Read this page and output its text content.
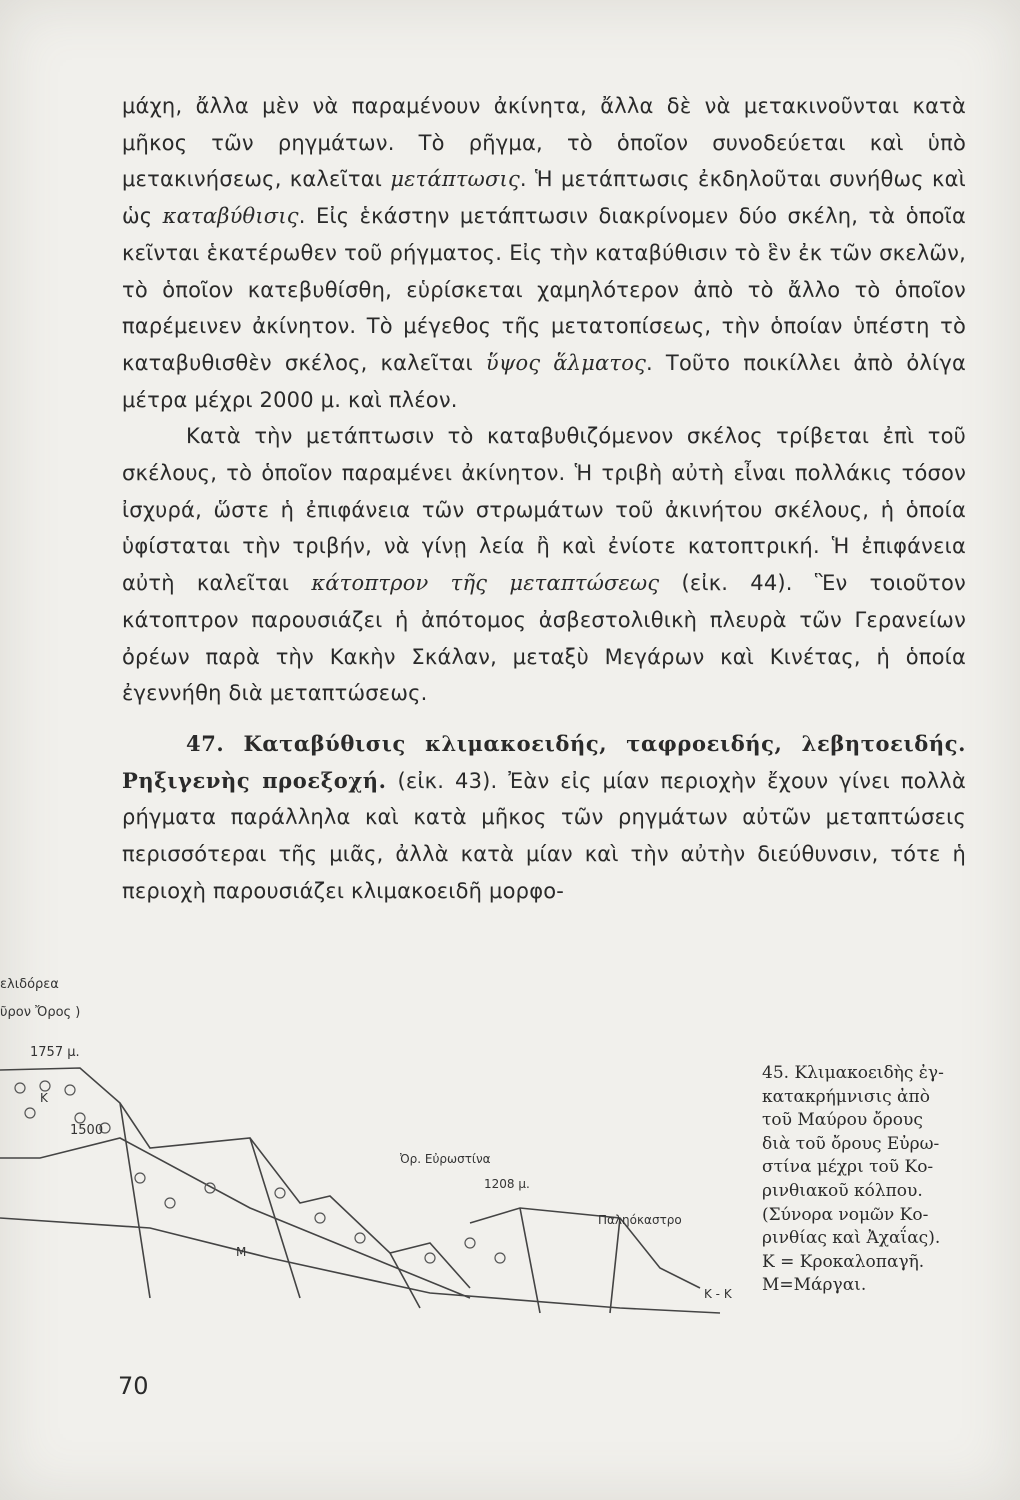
μάχη, ἄλλα μὲν νὰ παραμένουν ἀκίνητα, ἄλλα δὲ νὰ μετακινοῦνται κατὰ μῆκος τῶν ρηγμάτων. Τὸ ρῆγμα, τὸ ὁποῖον συνοδεύεται καὶ ὑπὸ μετακινήσεως, καλεῖται μετάπτωσις. Ἡ μετάπτωσις ἐκδηλοῦται συνήθως καὶ ὡς καταβύθισις. Εἰς ἑκάστην μετάπτωσιν διακρίνομεν δύο σκέλη, τὰ ὁποῖα κεῖνται ἑκατέρωθεν τοῦ ρήγματος. Εἰς τὴν καταβύθισιν τὸ ἓν ἐκ τῶν σκελῶν, τὸ ὁποῖον κατεβυθίσθη, εὑρίσκεται χαμηλότερον ἀπὸ τὸ ἄλλο τὸ ὁποῖον παρέμεινεν ἀκίνητον. Τὸ μέγεθος τῆς μετατοπίσεως, τὴν ὁποίαν ὑπέστη τὸ καταβυθισθὲν σκέλος, καλεῖται ὕψος ἅλματος. Τοῦτο ποικίλλει ἀπὸ ὀλίγα μέτρα μέχρι 2000 μ. καὶ πλέον.

Κατὰ τὴν μετάπτωσιν τὸ καταβυθιζόμενον σκέλος τρίβεται ἐπὶ τοῦ σκέλους, τὸ ὁποῖον παραμένει ἀκίνητον. Ἡ τριβὴ αὐτὴ εἶναι πολλάκις τόσον ἰσχυρά, ὥστε ἡ ἐπιφάνεια τῶν στρωμάτων τοῦ ἀκινήτου σκέλους, ἡ ὁποία ὑφίσταται τὴν τριβήν, νὰ γίνῃ λεία ἢ καὶ ἐνίοτε κατοπτρική. Ἡ ἐπιφάνεια αὐτὴ καλεῖται κάτοπτρον τῆς μεταπτώσεως (εἰκ. 44). Ἓν τοιοῦτον κάτοπτρον παρουσιάζει ἡ ἀπότομος ἀσβεστολιθικὴ πλευρὰ τῶν Γερανείων ὀρέων παρὰ τὴν Κακὴν Σκάλαν, μεταξὺ Μεγάρων καὶ Κινέτας, ἡ ὁποία ἐγεννήθη διὰ μεταπτώσεως.

47. Καταβύθισις κλιμακοειδής, ταφροειδής, λεβητοειδής. Ρηξιγενὴς προεξοχή. (εἰκ. 43). Ἐὰν εἰς μίαν περιοχὴν ἔχουν γίνει πολλὰ ρήγματα παράλληλα καὶ κατὰ μῆκος τῶν ρηγμάτων αὐτῶν μεταπτώσεις περισσότεραι τῆς μιᾶς, ἀλλὰ κατὰ μίαν καὶ τὴν αὐτὴν διεύθυνσιν, τότε ἡ περιοχὴ παρουσιάζει κλιμακοειδῆ μορφο-

ελιδόρεα
ῦρον Ὄρος )
1757 μ.
1500
Ὀρ. Εὐρωστίνα
1208 μ.
Παληόκαστρο
K
M
K - K
45. Κλιμακοειδὴς ἐγ-
κατακρήμνισις ἀπὸ
τοῦ Μαύρου ὄρους
διὰ τοῦ ὄρους Εὐρω-
στίνα μέχρι τοῦ Κο-
ρινθιακοῦ κόλπου.
(Σύνορα νομῶν Κο-
ρινθίας καὶ Ἀχαΐας).
Κ = Κροκαλοπαγῆ.
Μ=Μάργαι.
70
